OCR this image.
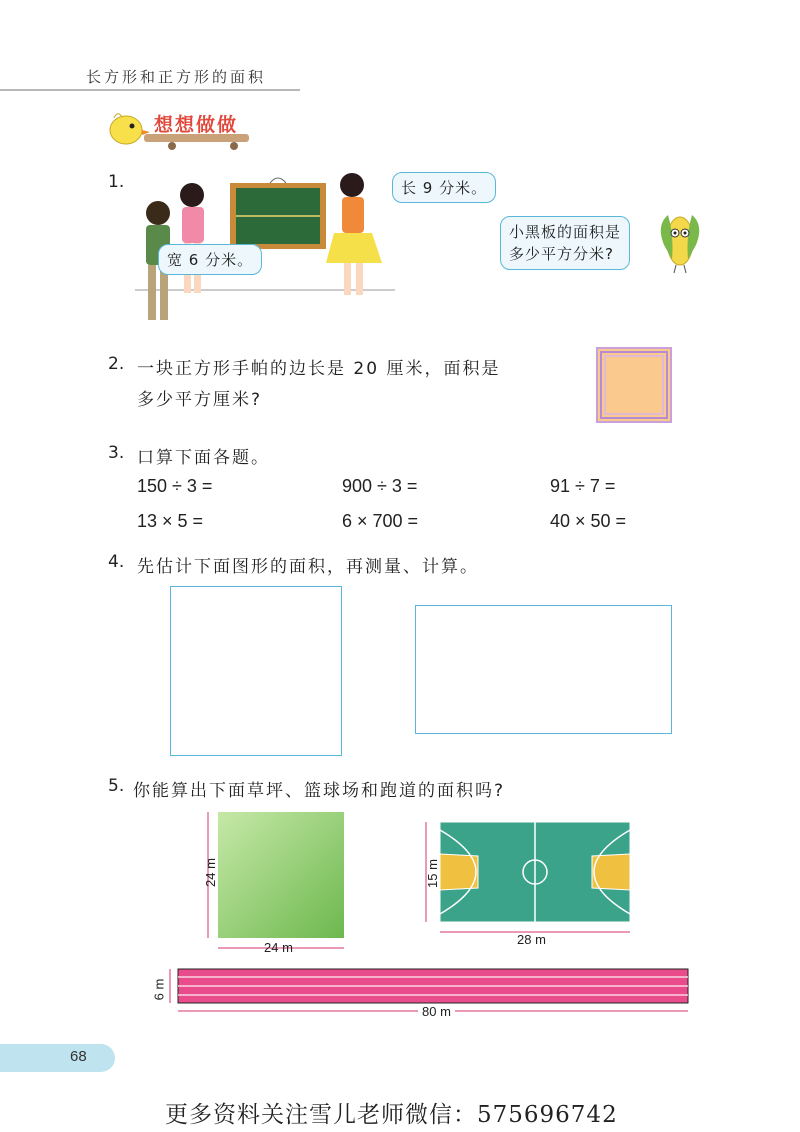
长方形和正方形的面积
想想做做
1.	长 9 分米。
宽 6 分米。
小黑板的面积是
多少平方分米?
2. 一块正方形手帕的边长是 20 厘米，面积是
多少平方厘米?
3. 口算下面各题。
150 ÷ 3 =	900 ÷ 3 =	91 ÷ 7 =
13 × 5 =	6 × 700 =	40 × 50 =
4. 先估计下面图形的面积，再测量、计算。
5. 你能算出下面草坪、篮球场和跑道的面积吗?
24 m
24 m
15 m
28 m
6 m
80 m
68
更多资料关注雪儿老师微信：575696742
